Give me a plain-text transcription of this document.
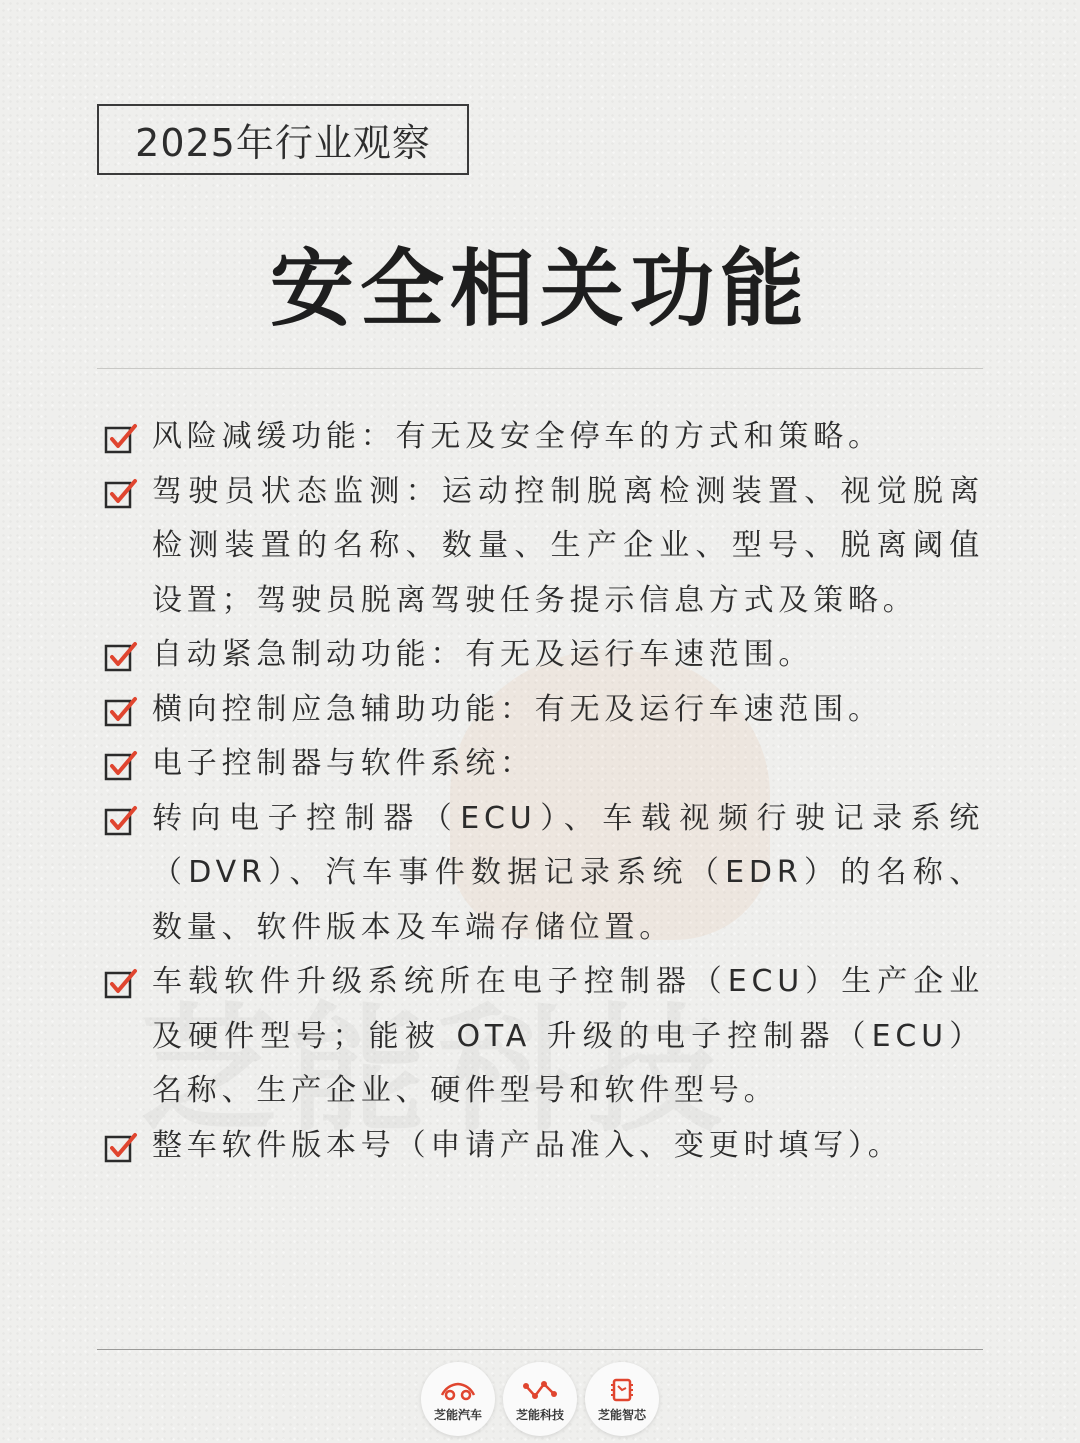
2025年行业观察
安全相关功能
风险减缓功能：有无及安全停车的方式和策略。
驾驶员状态监测：运动控制脱离检测装置、视觉脱离检测装置的名称、数量、生产企业、型号、脱离阈值设置；驾驶员脱离驾驶任务提示信息方式及策略。
自动紧急制动功能：有无及运行车速范围。
横向控制应急辅助功能：有无及运行车速范围。
电子控制器与软件系统：
转向电子控制器（ECU）、车载视频行驶记录系统（DVR）、汽车事件数据记录系统（EDR）的名称、数量、软件版本及车端存储位置。
车载软件升级系统所在电子控制器（ECU）生产企业及硬件型号；能被 OTA 升级的电子控制器（ECU）名称、生产企业、硬件型号和软件型号。
整车软件版本号（申请产品准入、变更时填写）。
芝能汽车	芝能科技	芝能智芯
